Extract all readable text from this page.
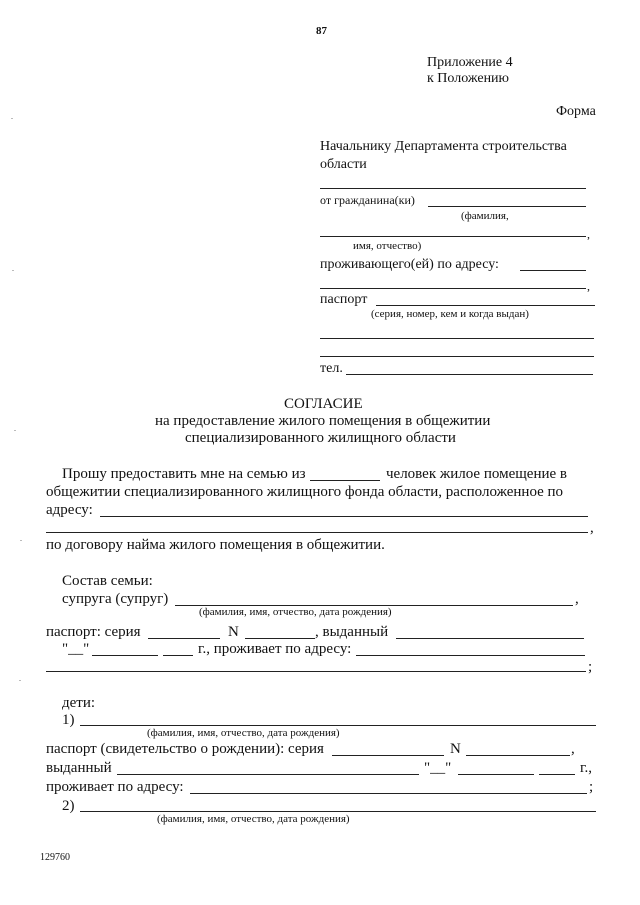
87
Приложение 4
к Положению
Форма
Начальнику Департамента строительства
области
от гражданина(ки)
(фамилия,
,
имя, отчество)
проживающего(ей) по адресу:
,
паспорт
(серия, номер, кем и когда выдан)
тел.
СОГЛАСИЕ
на предоставление жилого помещения в общежитии
специализированного жилищного области
Прошу предоставить мне на семью из	человек жилое помещение в
общежитии специализированного жилищного фонда области, расположенное по
адресу:
,
по договору найма жилого помещения в общежитии.
Состав семьи:
супруга (супруг)	,
(фамилия, имя, отчество, дата рождения)
паспорт: серия	N	, выданный
"__"	г., проживает по адресу:
;
дети:
1)
(фамилия, имя, отчество, дата рождения)
паспорт (свидетельство о рождении): серия	N	,
выданный	"__"	г.,
проживает по адресу:	;
2)
(фамилия, имя, отчество, дата рождения)
129760
